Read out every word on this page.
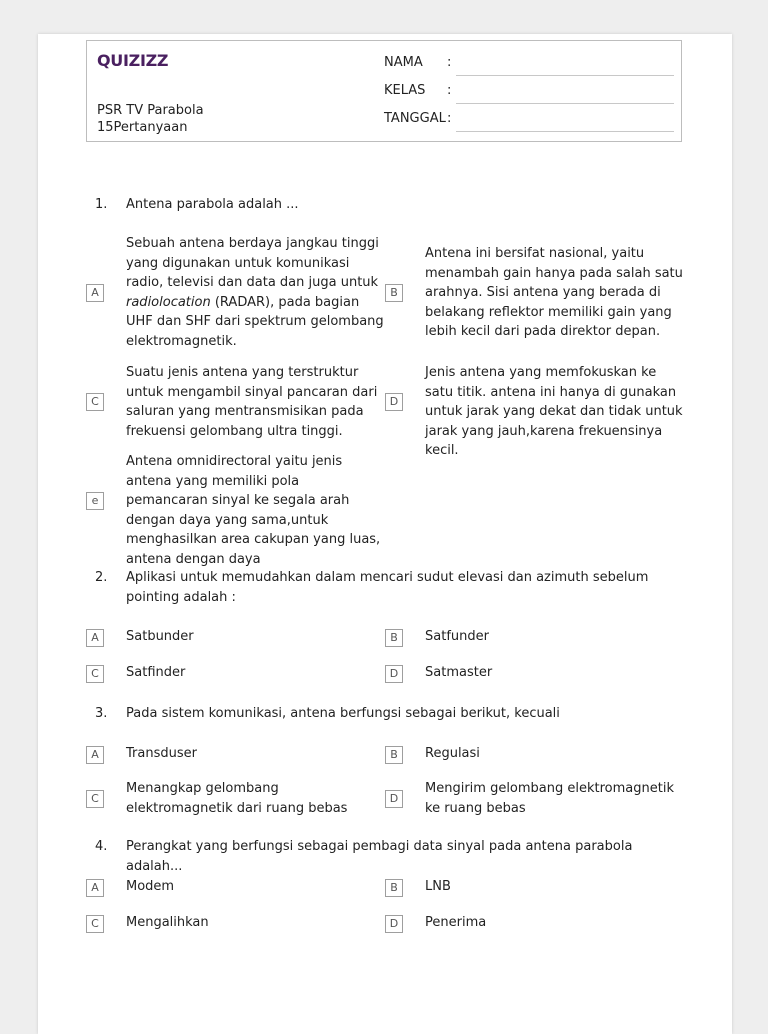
QUIZIZZ
PSR TV Parabola
15Pertanyaan
NAMA :
KELAS :
TANGGAL :
1. Antena parabola adalah ...
A
Sebuah antena berdaya jangkau tinggi yang digunakan untuk komunikasi radio, televisi dan data dan juga untuk radiolocation (RADAR), pada bagian UHF dan SHF dari spektrum gelombang elektromagnetik.
B
Antena ini bersifat nasional, yaitu menambah gain hanya pada salah satu arahnya. Sisi antena yang berada di belakang reflektor memiliki gain yang lebih kecil dari pada direktor depan.
C
Suatu jenis antena yang terstruktur untuk mengambil sinyal pancaran dari saluran yang mentransmisikan pada frekuensi gelombang ultra tinggi.
D
Jenis antena yang memfokuskan ke satu titik. antena ini hanya di gunakan untuk jarak yang dekat dan tidak untuk jarak yang jauh,karena frekuensinya kecil.
e
Antena omnidirectoral yaitu jenis antena yang memiliki pola pemancaran sinyal ke segala arah dengan daya yang sama,untuk menghasilkan area cakupan yang luas, antena dengan daya
2. Aplikasi untuk memudahkan dalam mencari sudut elevasi dan azimuth sebelum pointing adalah :
A	Satbunder	B	Satfunder
C	Satfinder	D	Satmaster
3. Pada sistem komunikasi, antena berfungsi sebagai berikut, kecuali
A	Transduser	B	Regulasi
C
Menangkap gelombang elektromagnetik dari ruang bebas
D
Mengirim gelombang elektromagnetik ke ruang bebas
4. Perangkat yang berfungsi sebagai pembagi data sinyal pada antena parabola adalah...
A	Modem	B	LNB
C	Mengalihkan	D	Penerima
